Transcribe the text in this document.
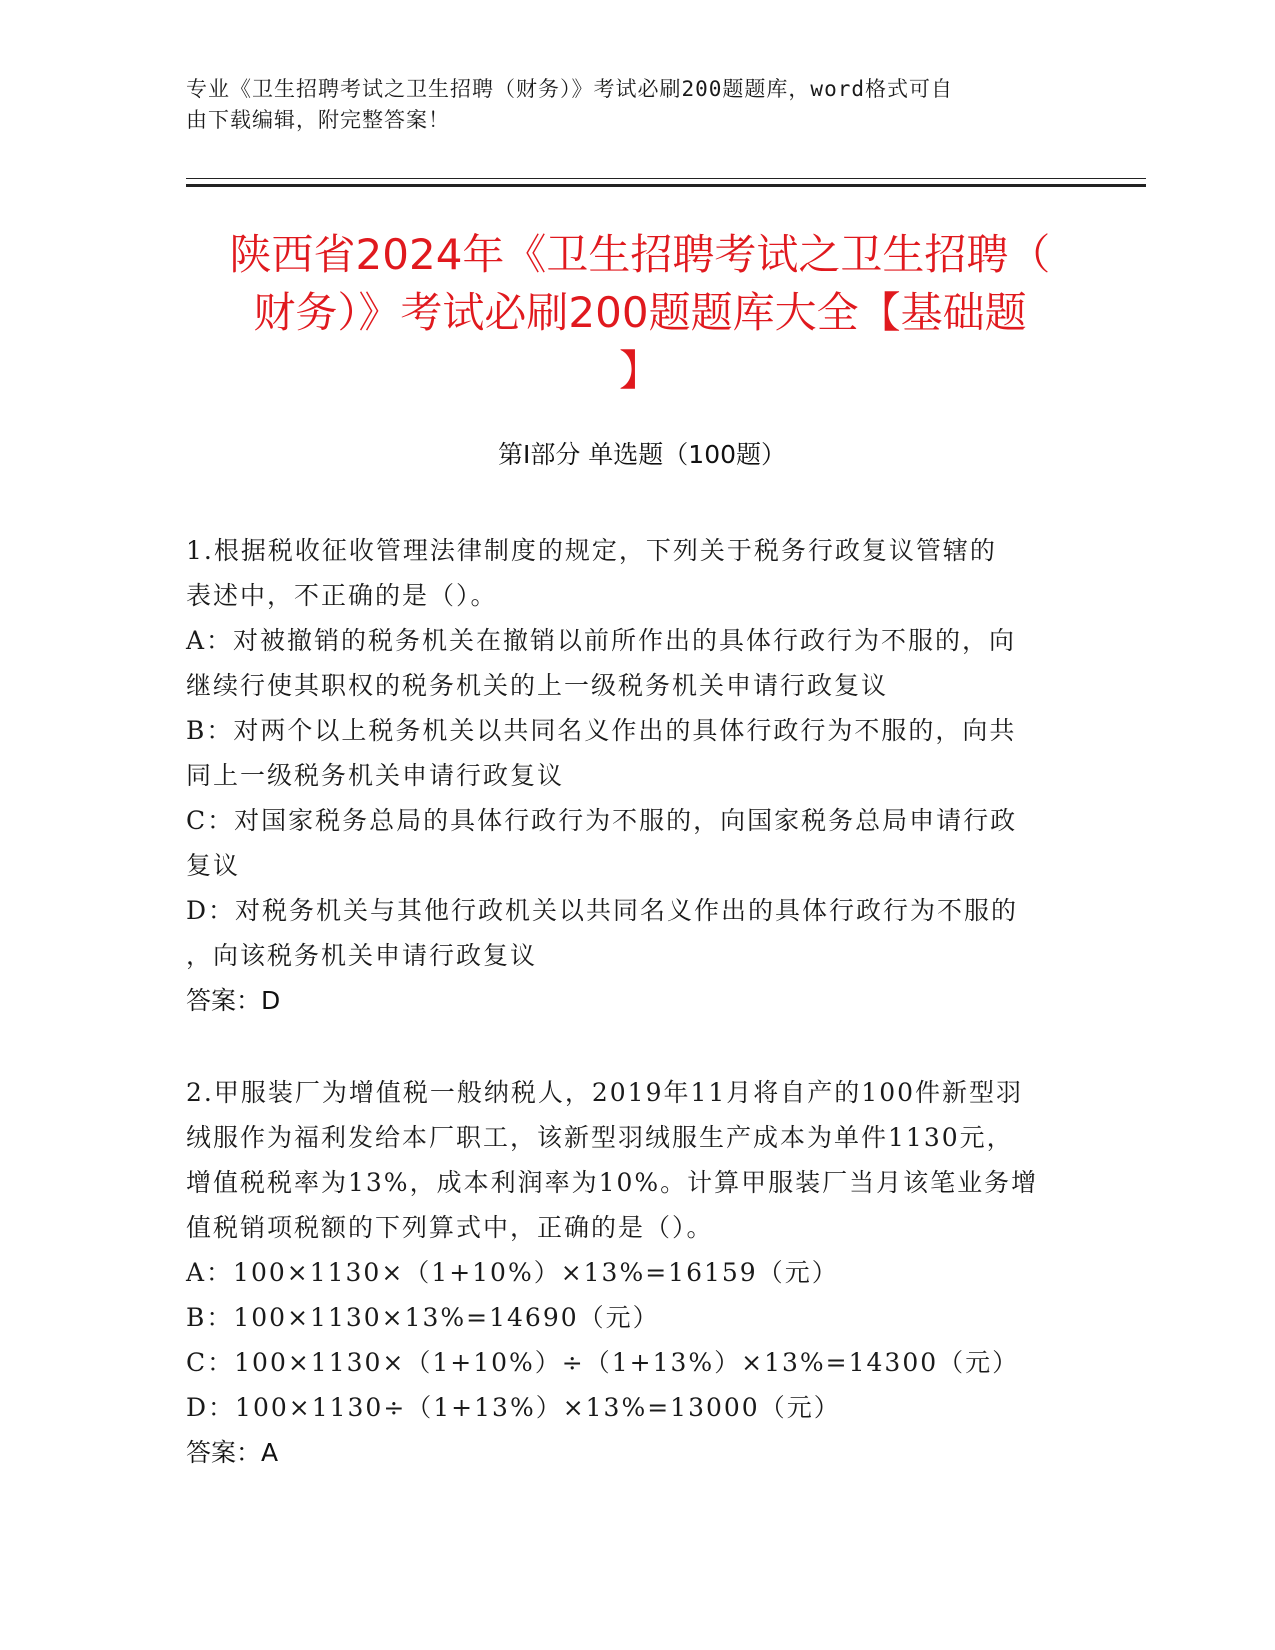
专业《卫生招聘考试之卫生招聘（财务）》考试必刷200题题库，word格式可自
由下载编辑，附完整答案！
陕西省2024年《卫生招聘考试之卫生招聘（
财务）》考试必刷200题题库大全【基础题
】
第I部分 单选题（100题）

1.根据税收征收管理法律制度的规定，下列关于税务行政复议管辖的

表述中，不正确的是（）。

A：对被撤销的税务机关在撤销以前所作出的具体行政行为不服的，向

继续行使其职权的税务机关的上一级税务机关申请行政复议

B：对两个以上税务机关以共同名义作出的具体行政行为不服的，向共

同上一级税务机关申请行政复议

C：对国家税务总局的具体行政行为不服的，向国家税务总局申请行政

复议

D：对税务机关与其他行政机关以共同名义作出的具体行政行为不服的

，向该税务机关申请行政复议

答案：D

2.甲服装厂为增值税一般纳税人，2019年11月将自产的100件新型羽

绒服作为福利发给本厂职工，该新型羽绒服生产成本为单件1130元，

增值税税率为13%，成本利润率为10%。计算甲服装厂当月该笔业务增

值税销项税额的下列算式中，正确的是（）。

A：100×1130×（1+10%）×13%=16159（元）

B：100×1130×13%=14690（元）

C：100×1130×（1+10%）÷（1+13%）×13%=14300（元）

D：100×1130÷（1+13%）×13%=13000（元）

答案：A
